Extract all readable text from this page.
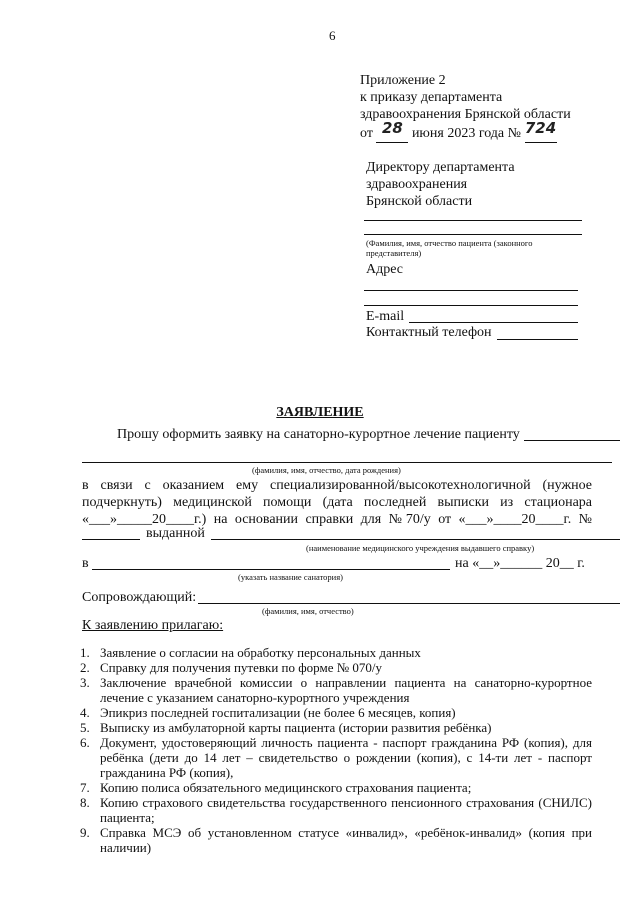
6
Приложение 2
к приказу департамента
здравоохранения Брянской области
от 28 июня 2023 года № 724
Директору департамента
здравоохранения
Брянской области
(Фамилия, имя, отчество пациента (законного представителя)
Адрес
E-mail
Контактный телефон
ЗАЯВЛЕНИЕ
Прошу оформить заявку на санаторно-курортное лечение пациенту
(фамилия, имя, отчество, дата рождения)
в связи с оказанием ему специализированной/высокотехнологичной (нужное
подчеркнуть) медицинской помощи (дата последней выписки из стационара
«___»_____20____г.) на основании справки для №70/у от «___»____20____г. №
выданной
(наименование медицинского учреждения выдавшего справку)
в	на «__»______ 20__ г.
(указать название санатория)
Сопровождающий:
(фамилия, имя, отчество)
К заявлению прилагаю:
1. Заявление о согласии на обработку персональных данных
2. Справку для получения путевки по форме № 070/у
3. Заключение врачебной комиссии о направлении пациента на санаторно-курортное лечение с указанием санаторно-курортного учреждения
4. Эпикриз последней госпитализации (не более 6 месяцев, копия)
5. Выписку из амбулаторной карты пациента (истории развития ребёнка)
6. Документ, удостоверяющий личность пациента - паспорт гражданина РФ (копия), для ребёнка (дети до 14 лет – свидетельство о рождении (копия), с 14-ти лет - паспорт гражданина РФ (копия),
7. Копию полиса обязательного медицинского страхования пациента;
8. Копию страхового свидетельства государственного пенсионного страхования (СНИЛС) пациента;
9. Справка МСЭ об установленном статусе «инвалид», «ребёнок-инвалид» (копия при наличии)
